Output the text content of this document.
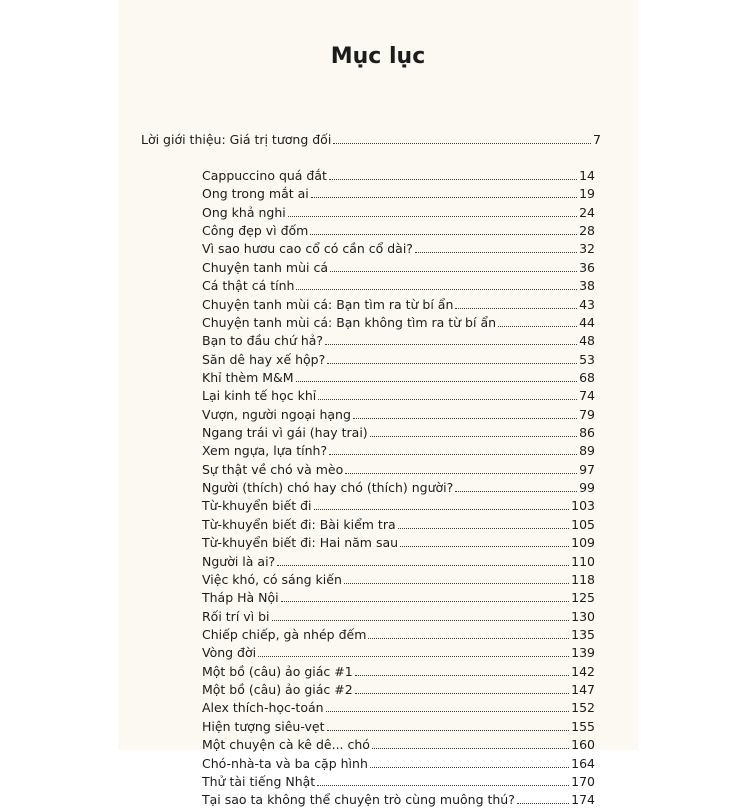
Mục lục
Lời giới thiệu: Giá trị tương đối	7
Cappuccino quá đắt	14
Ong trong mắt ai	19
Ong khả nghi	24
Công đẹp vì đốm	28
Vì sao hươu cao cổ có cần cổ dài?	32
Chuyện tanh mùi cá	36
Cá thật cá tính	38
Chuyện tanh mùi cá: Bạn tìm ra từ bí ẩn	43
Chuyện tanh mùi cá: Bạn không tìm ra từ bí ẩn	44
Bạn to đầu chứ hả?	48
Săn dê hay xế hộp?	53
Khỉ thèm M&M	68
Lại kinh tế học khỉ	74
Vượn, người ngoại hạng	79
Ngang trái vì gái (hay trai)	86
Xem ngựa, lựa tính?	89
Sự thật về chó và mèo	97
Người (thích) chó hay chó (thích) người?	99
Từ-khuyển biết đi	103
Từ-khuyển biết đi: Bài kiểm tra	105
Từ-khuyển biết đi: Hai năm sau	109
Người là ai?	110
Việc khó, có sáng kiến	118
Tháp Hà Nội	125
Rối trí vì bi	130
Chiếp chiếp, gà nhép đếm	135
Vòng đời	139
Một bồ (câu) ảo giác #1	142
Một bồ (câu) ảo giác #2	147
Alex thích-học-toán	152
Hiện tượng siêu-vẹt	155
Một chuyện cà kê dê... chó	160
Chó-nhà-ta và ba cặp hình	164
Thử tài tiếng Nhật	170
Tại sao ta không thể chuyện trò cùng muông thú?	174
